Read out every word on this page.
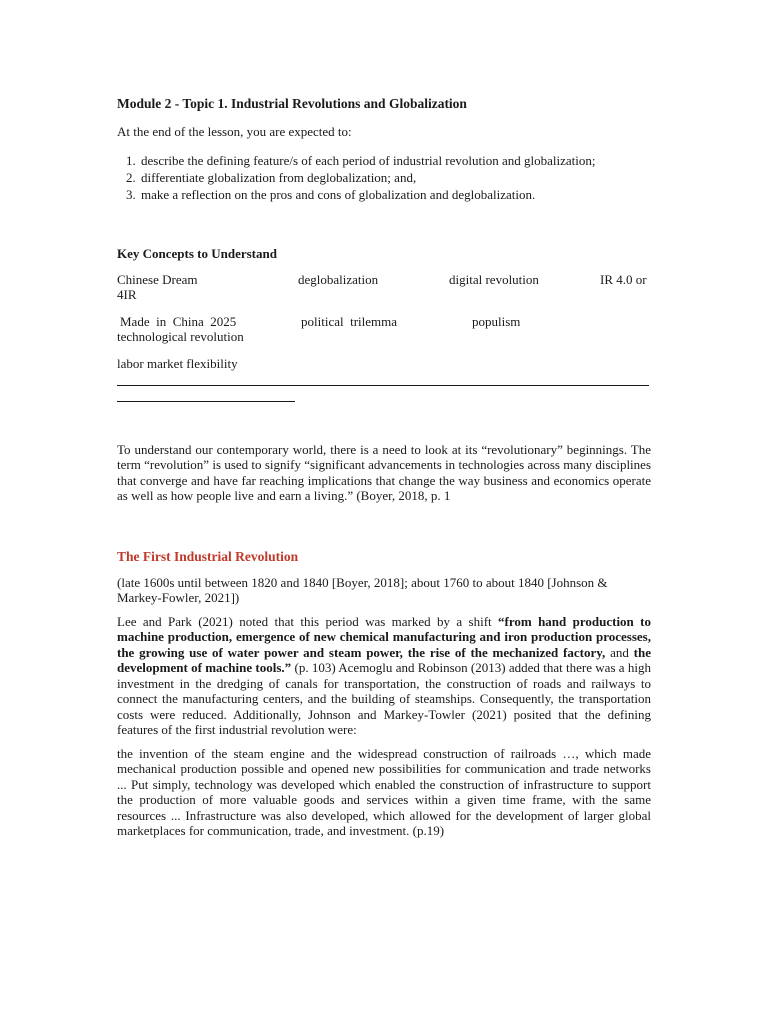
Module 2 - Topic 1. Industrial Revolutions and Globalization

At the end of the lesson, you are expected to:

1. describe the defining feature/s of each period of industrial revolution and globalization;
2. differentiate globalization from deglobalization; and,
3. make a reflection on the pros and cons of globalization and deglobalization.

Key Concepts to Understand

Chinese Dream	deglobalization	digital revolution	IR 4.0 or
4IR
Made  in  China  2025	political  trilemma	populism
technological revolution
labor market flexibility

To understand our contemporary world, there is a need to look at its “revolutionary” beginnings. The term “revolution” is used to signify “significant advancements in technologies across many disciplines that converge and have far reaching implications that change the way business and economics operate as well as how people live and earn a living.” (Boyer, 2018, p. 1

The First Industrial Revolution

(late 1600s until between 1820 and 1840 [Boyer, 2018]; about 1760 to about 1840 [Johnson & Markey-Fowler, 2021])

Lee and Park (2021) noted that this period was marked by a shift “from hand production to machine production, emergence of new chemical manufacturing and iron production processes, the growing use of water power and steam power, the rise of the mechanized factory, and the development of machine tools.” (p. 103) Acemoglu and Robinson (2013) added that there was a high investment in the dredging of canals for transportation, the construction of roads and railways to connect the manufacturing centers, and the building of steamships. Consequently, the transportation costs were reduced. Additionally, Johnson and Markey-Towler (2021) posited that the defining features of the first industrial revolution were:

the invention of the steam engine and the widespread construction of railroads …, which made mechanical production possible and opened new possibilities for communication and trade networks ... Put simply, technology was developed which enabled the construction of infrastructure to support the production of more valuable goods and services within a given time frame, with the same resources ... Infrastructure was also developed, which allowed for the development of larger global marketplaces for communication, trade, and investment. (p.19)
